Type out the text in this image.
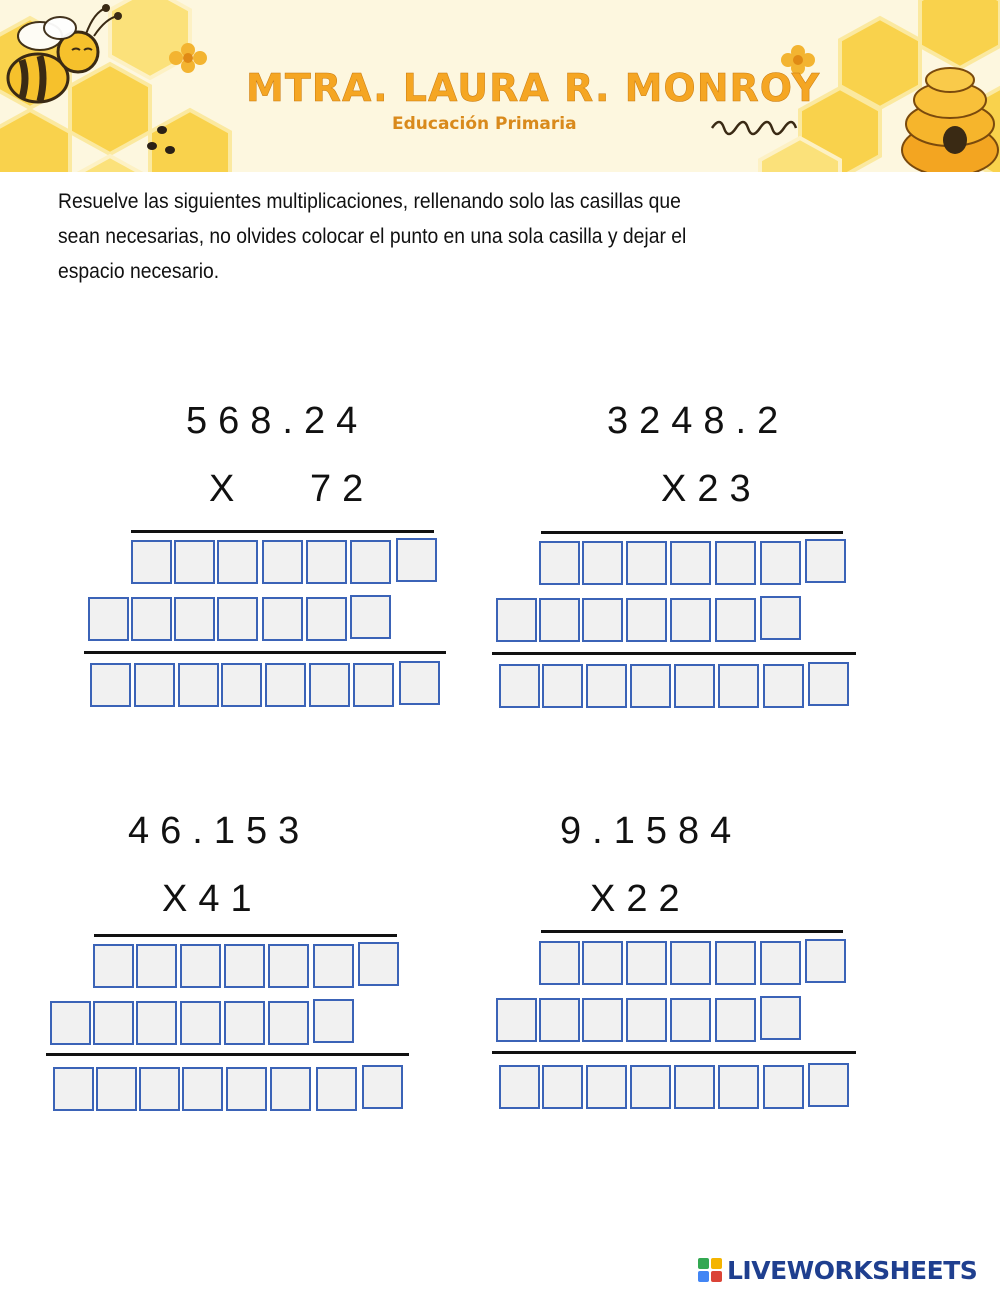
MTRA. LAURA R. MONROY
Educación Primaria
Resuelve las siguientes multiplicaciones, rellenando solo las casillas que
sean necesarias, no olvides colocar el punto en una sola casilla y dejar el
espacio necesario.
568.24
X   72
3248.2
X23
46.153
X41
9.1584
X22
LIVEWORKSHEETS
